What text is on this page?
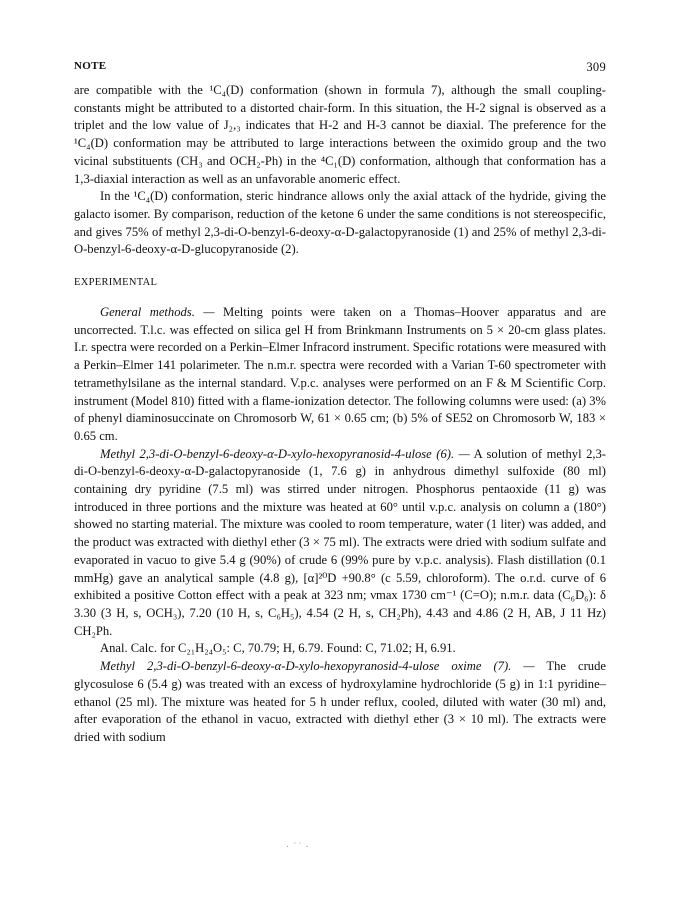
NOTE	309

are compatible with the ¹C₄(D) conformation (shown in formula 7), although the small coupling-constants might be attributed to a distorted chair-form. In this situation, the H-2 signal is observed as a triplet and the low value of J₂,₃ indicates that H-2 and H-3 cannot be diaxial. The preference for the ¹C₄(D) conformation may be attributed to large interactions between the oximido group and the two vicinal substituents (CH₃ and OCH₂-Ph) in the ⁴C₁(D) conformation, although that conformation has a 1,3-diaxial interaction as well as an unfavorable anomeric effect.

In the ¹C₄(D) conformation, steric hindrance allows only the axial attack of the hydride, giving the galacto isomer. By comparison, reduction of the ketone 6 under the same conditions is not stereospecific, and gives 75% of methyl 2,3-di-O-benzyl-6-deoxy-α-D-galactopyranoside (1) and 25% of methyl 2,3-di-O-benzyl-6-deoxy-α-D-glucopyranoside (2).

EXPERIMENTAL

General methods. — Melting points were taken on a Thomas–Hoover apparatus and are uncorrected. T.l.c. was effected on silica gel H from Brinkmann Instruments on 5 × 20-cm glass plates. I.r. spectra were recorded on a Perkin–Elmer Infracord instrument. Specific rotations were measured with a Perkin–Elmer 141 polarimeter. The n.m.r. spectra were recorded with a Varian T-60 spectrometer with tetramethylsilane as the internal standard. V.p.c. analyses were performed on an F & M Scientific Corp. instrument (Model 810) fitted with a flame-ionization detector. The following columns were used: (a) 3% of phenyl diaminosuccinate on Chromosorb W, 61 × 0.65 cm; (b) 5% of SE52 on Chromosorb W, 183 × 0.65 cm.

Methyl 2,3-di-O-benzyl-6-deoxy-α-D-xylo-hexopyranosid-4-ulose (6). — A solution of methyl 2,3-di-O-benzyl-6-deoxy-α-D-galactopyranoside (1, 7.6 g) in anhydrous dimethyl sulfoxide (80 ml) containing dry pyridine (7.5 ml) was stirred under nitrogen. Phosphorus pentaoxide (11 g) was introduced in three portions and the mixture was heated at 60° until v.p.c. analysis on column a (180°) showed no starting material. The mixture was cooled to room temperature, water (1 liter) was added, and the product was extracted with diethyl ether (3 × 75 ml). The extracts were dried with sodium sulfate and evaporated in vacuo to give 5.4 g (90%) of crude 6 (99% pure by v.p.c. analysis). Flash distillation (0.1 mmHg) gave an analytical sample (4.8 g), [α]²⁰D +90.8° (c 5.59, chloroform). The o.r.d. curve of 6 exhibited a positive Cotton effect with a peak at 323 nm; νmax 1730 cm⁻¹ (C=O); n.m.r. data (C₆D₆): δ 3.30 (3 H, s, OCH₃), 7.20 (10 H, s, C₆H₅), 4.54 (2 H, s, CH₂Ph), 4.43 and 4.86 (2 H, AB, J 11 Hz) CH₂Ph.

Anal. Calc. for C₂₁H₂₄O₅: C, 70.79; H, 6.79. Found: C, 71.02; H, 6.91.

Methyl 2,3-di-O-benzyl-6-deoxy-α-D-xylo-hexopyranosid-4-ulose oxime (7). — The crude glycosulose 6 (5.4 g) was treated with an excess of hydroxylamine hydrochloride (5 g) in 1:1 pyridine–ethanol (25 ml). The mixture was heated for 5 h under reflux, cooled, diluted with water (30 ml) and, after evaporation of the ethanol in vacuo, extracted with diethyl ether (3 × 10 ml). The extracts were dried with sodium

· ˙˙ ·
